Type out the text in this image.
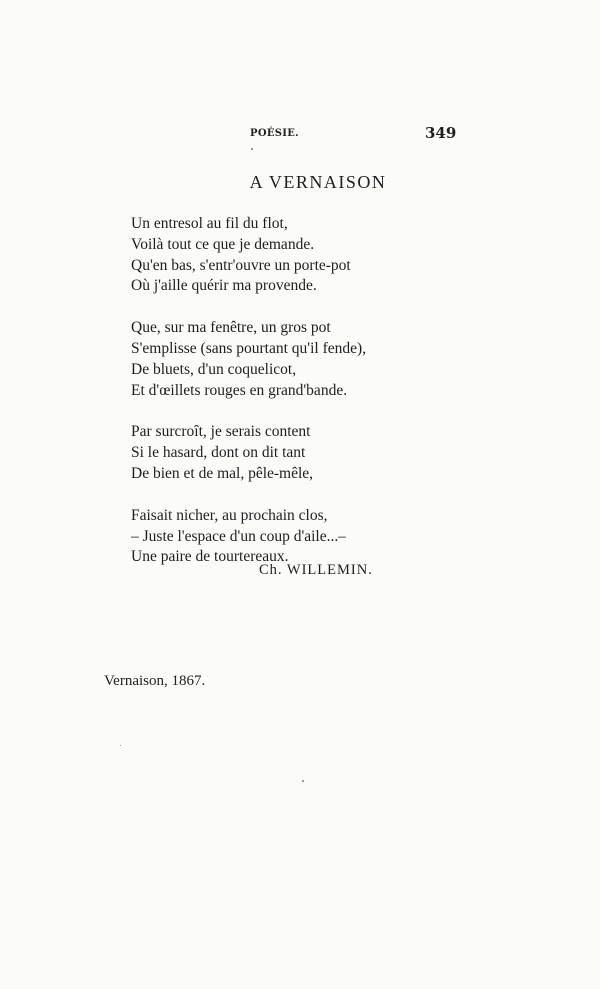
POÉSIE.	349
A VERNAISON
Un entresol au fil du flot,
Voilà tout ce que je demande.
Qu'en bas, s'entr'ouvre un porte-pot
Où j'aille quérir ma provende.
Que, sur ma fenêtre, un gros pot
S'emplisse (sans pourtant qu'il fende),
De bluets, d'un coquelicot,
Et d'œillets rouges en grand'bande.
Par surcroît, je serais content
Si le hasard, dont on dit tant
De bien et de mal, pêle-mêle,
Faisait nicher, au prochain clos,
– Juste l'espace d'un coup d'aile...–
Une paire de tourtereaux.
Ch. WILLEMIN.
Vernaison, 1867.
